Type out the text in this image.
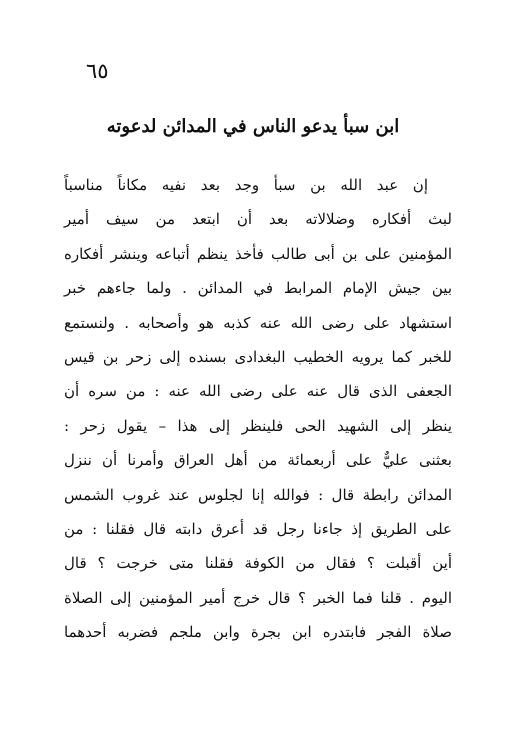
٦٥
ابن سبأ يدعو الناس في المدائن لدعوته
إن عبد الله بن سبأ وجد بعد نفيه مكاناً مناسباً
لبث أفكاره وضلالاته بعد أن ابتعد من سيف أمير
المؤمنين على بن أبى طالب فأخذ ينظم أتباعه وينشر أفكاره
بين جيش الإمام المرابط في المدائن . ولما جاءهم خبر
استشهاد على رضى الله عنه كذبه هو وأصحابه . ولنستمع
للخبر كما يرويه الخطيب البغدادى بسنده إلى زحر بن قيس
الجعفى الذى قال عنه على رضى الله عنه : من سره أن
ينظر إلى الشهيد الحى فلينظر إلى هذا – يقول زحر :
بعثنى عليٌّ على أربعمائة من أهل العراق وأمرنا أن ننزل
المدائن رابطة قال : فوالله إنا لجلوس عند غروب الشمس
على الطريق إذ جاءنا رجل قد أعرق دابته قال فقلنا : من
أين أقبلت ؟ فقال من الكوفة فقلنا متى خرجت ؟ قال
اليوم . قلنا فما الخبر ؟ قال خرج أمير المؤمنين إلى الصلاة
صلاة الفجر فابتدره ابن بجرة وابن ملجم فضربه أحدهما
